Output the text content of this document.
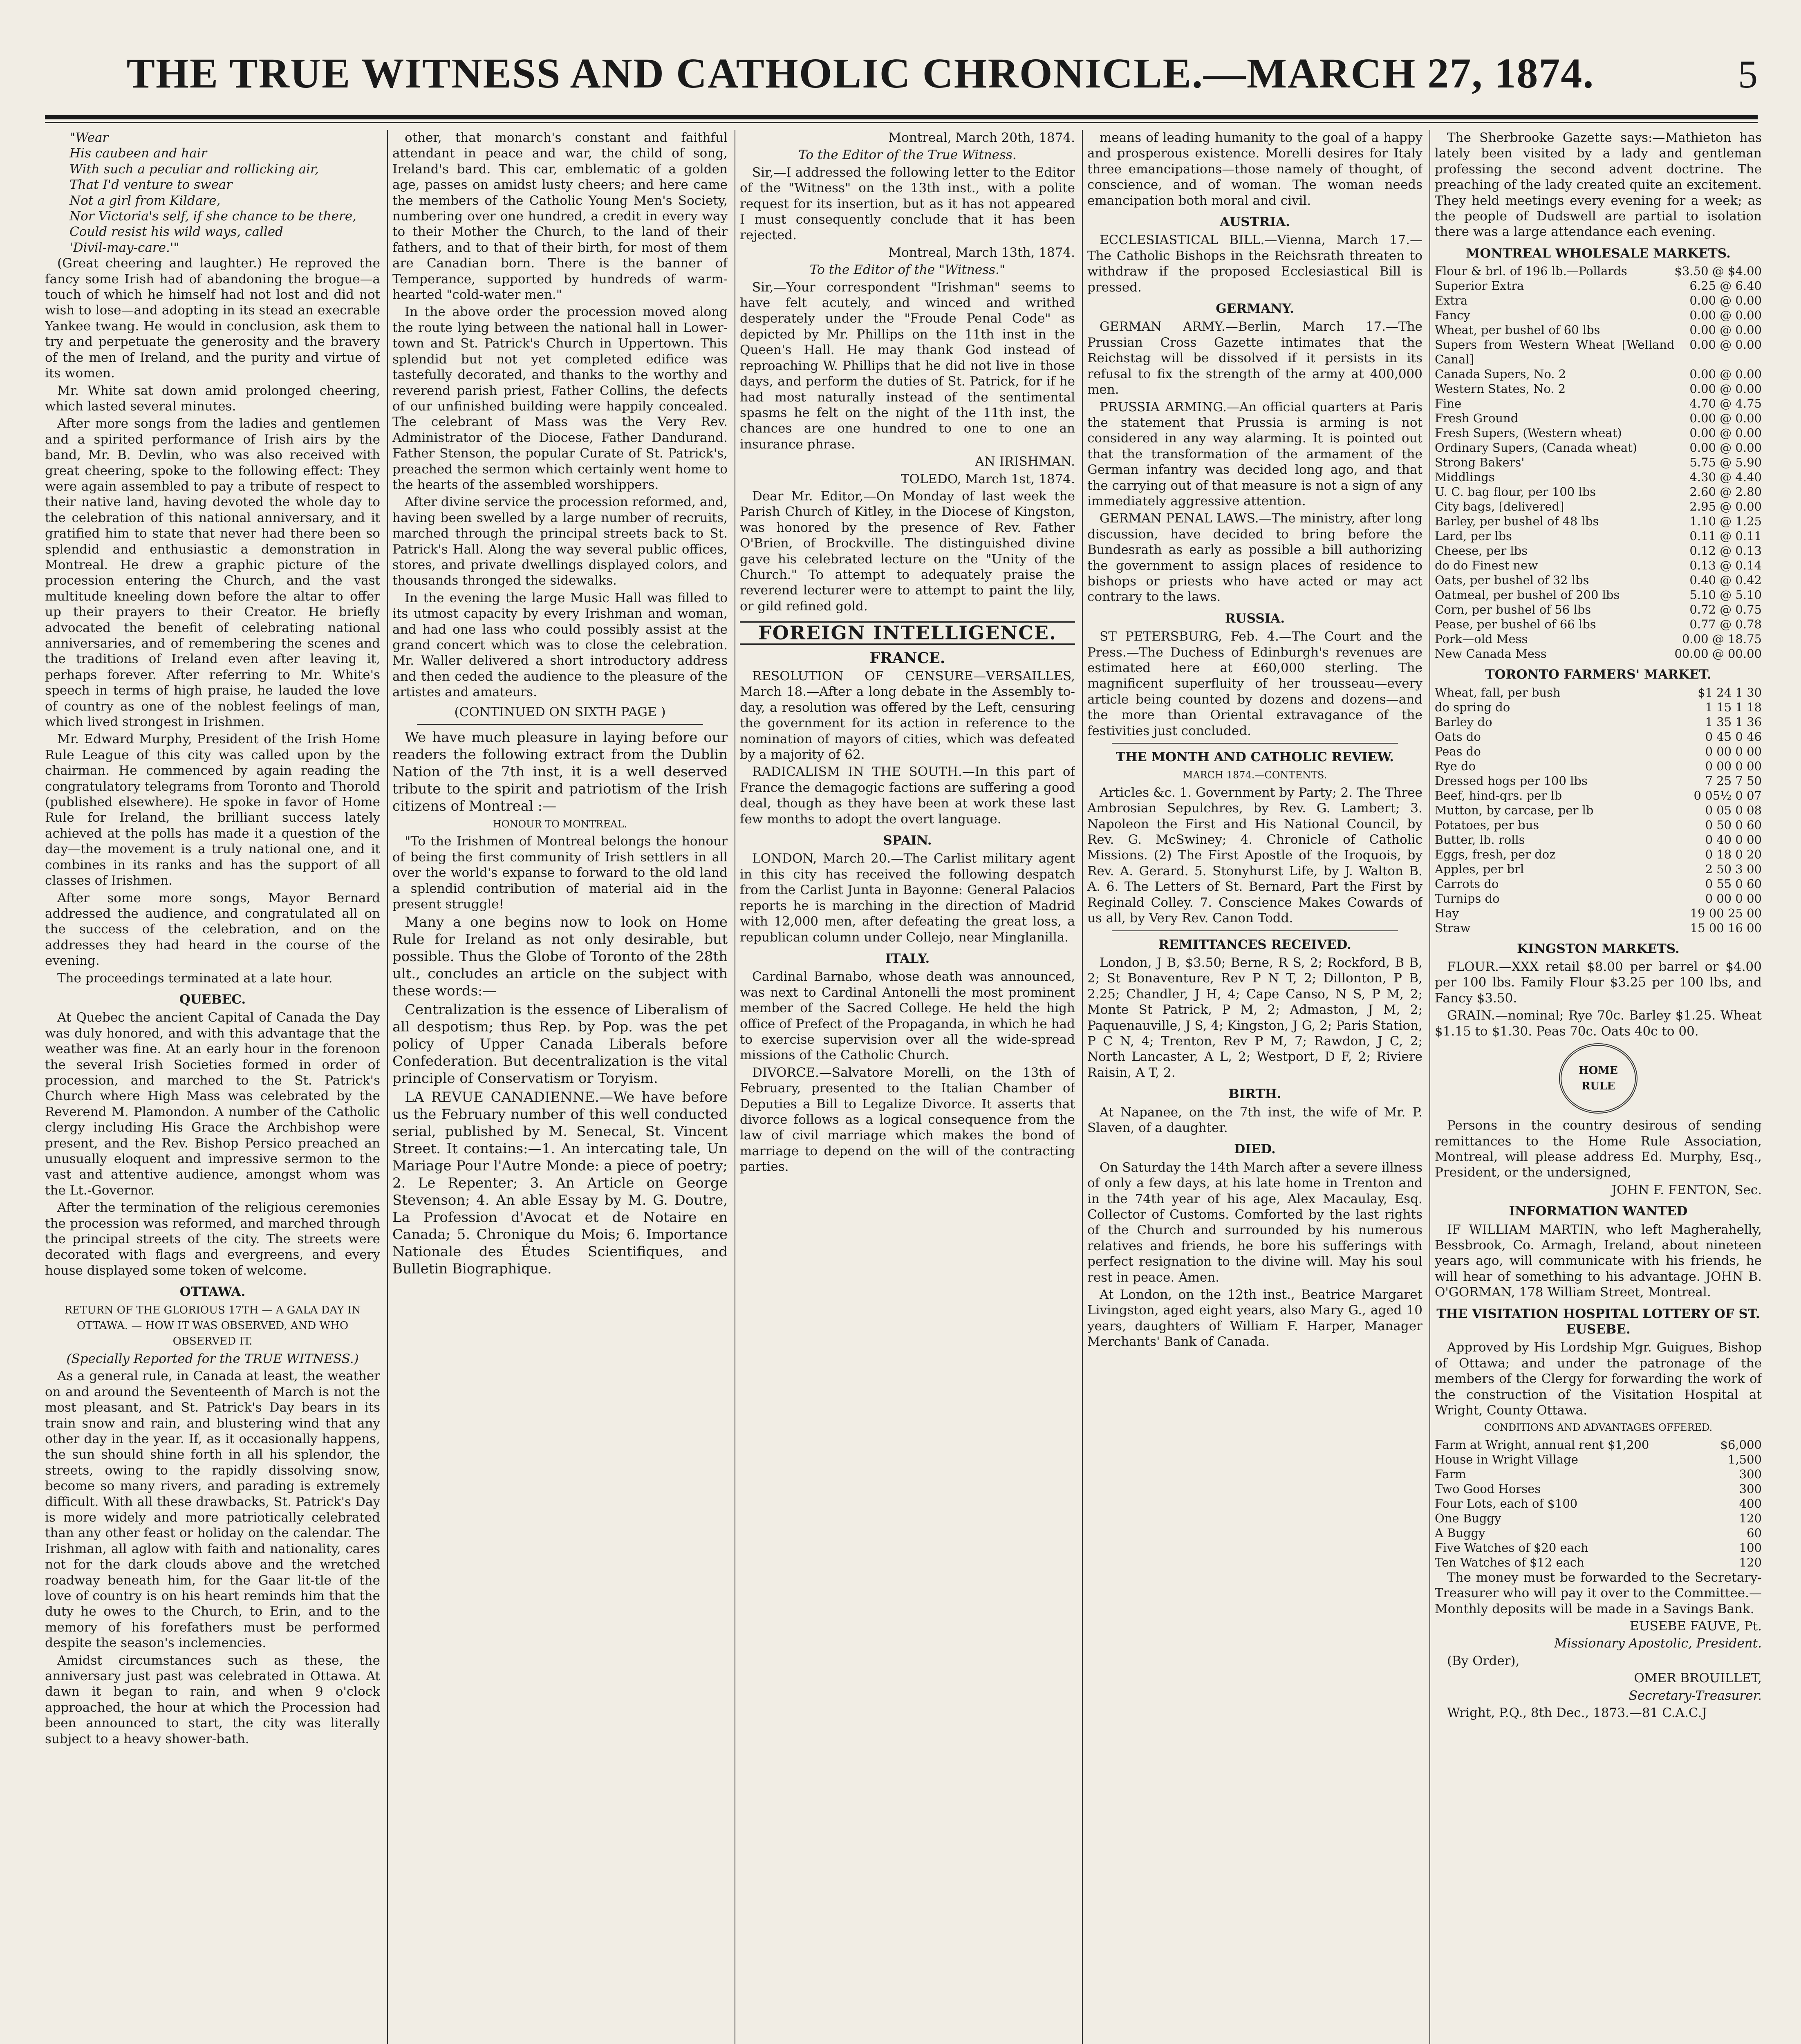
THE TRUE WITNESS AND CATHOLIC CHRONICLE.—MARCH 27, 1874.	5

"Wear

His caubeen and hair

With such a peculiar and rollicking air,

That I'd venture to swear

Not a girl from Kildare,

Nor Victoria's self, if she chance to be there,

Could resist his wild ways, called

'Divil-may-care.'"

(Great cheering and laughter.) He reproved the fancy some Irish had of abandoning the brogue—a touch of which he himself had not lost and did not wish to lose—and adopting in its stead an execrable Yankee twang. He would in conclusion, ask them to try and perpetuate the generosity and the bravery of the men of Ireland, and the purity and virtue of its women.

Mr. White sat down amid prolonged cheering, which lasted several minutes.

After more songs from the ladies and gentlemen and a spirited performance of Irish airs by the band, Mr. B. Devlin, who was also received with great cheering, spoke to the following effect: They were again assembled to pay a tribute of respect to their native land, having devoted the whole day to the celebration of this national anniversary, and it gratified him to state that never had there been so splendid and enthusiastic a demonstration in Montreal. He drew a graphic picture of the procession entering the Church, and the vast multitude kneeling down before the altar to offer up their prayers to their Creator. He briefly advocated the benefit of celebrating national anniversaries, and of remembering the scenes and the traditions of Ireland even after leaving it, perhaps forever. After referring to Mr. White's speech in terms of high praise, he lauded the love of country as one of the noblest feelings of man, which lived strongest in Irishmen.

Mr. Edward Murphy, President of the Irish Home Rule League of this city was called upon by the chairman. He commenced by again reading the congratulatory telegrams from Toronto and Thorold (published elsewhere). He spoke in favor of Home Rule for Ireland, the brilliant success lately achieved at the polls has made it a question of the day—the movement is a truly national one, and it combines in its ranks and has the support of all classes of Irishmen.

After some more songs, Mayor Bernard addressed the audience, and congratulated all on the success of the celebration, and on the addresses they had heard in the course of the evening.

The proceedings terminated at a late hour.

QUEBEC.

At Quebec the ancient Capital of Canada the Day was duly honored, and with this advantage that the weather was fine. At an early hour in the forenoon the several Irish Societies formed in order of procession, and marched to the St. Patrick's Church where High Mass was celebrated by the Reverend M. Plamondon. A number of the Catholic clergy including His Grace the Archbishop were present, and the Rev. Bishop Persico preached an unusually eloquent and impressive sermon to the vast and attentive audience, amongst whom was the Lt.-Governor.

After the termination of the religious ceremonies the procession was reformed, and marched through the principal streets of the city. The streets were decorated with flags and evergreens, and every house displayed some token of welcome.

OTTAWA.

RETURN OF THE GLORIOUS 17TH — A GALA DAY IN OTTAWA. — HOW IT WAS OBSERVED, AND WHO OBSERVED IT.

(Specially Reported for the TRUE WITNESS.)

As a general rule, in Canada at least, the weather on and around the Seventeenth of March is not the most pleasant, and St. Patrick's Day bears in its train snow and rain, and blustering wind that any other day in the year. If, as it occasionally happens, the sun should shine forth in all his splendor, the streets, owing to the rapidly dissolving snow, become so many rivers, and parading is extremely difficult. With all these drawbacks, St. Patrick's Day is more widely and more patriotically celebrated than any other feast or holiday on the calendar. The Irishman, all aglow with faith and nationality, cares not for the dark clouds above and the wretched roadway beneath him, for the Gaar lit-tle of the love of country is on his heart reminds him that the duty he owes to the Church, to Erin, and to the memory of his forefathers must be performed despite the season's inclemencies.

Amidst circumstances such as these, the anniversary just past was celebrated in Ottawa. At dawn it began to rain, and when 9 o'clock approached, the hour at which the Procession had been announced to start, the city was literally subject to a heavy shower-bath.

other, that monarch's constant and faithful attendant in peace and war, the child of song, Ireland's bard. This car, emblematic of a golden age, passes on amidst lusty cheers; and here came the members of the Catholic Young Men's Society, numbering over one hundred, a credit in every way to their Mother the Church, to the land of their fathers, and to that of their birth, for most of them are Canadian born. There is the banner of Temperance, supported by hundreds of warm-hearted "cold-water men."

In the above order the procession moved along the route lying between the national hall in Lower-town and St. Patrick's Church in Uppertown. This splendid but not yet completed edifice was tastefully decorated, and thanks to the worthy and reverend parish priest, Father Collins, the defects of our unfinished building were happily concealed. The celebrant of Mass was the Very Rev. Administrator of the Diocese, Father Dandurand. Father Stenson, the popular Curate of St. Patrick's, preached the sermon which certainly went home to the hearts of the assembled worshippers.

After divine service the procession reformed, and, having been swelled by a large number of recruits, marched through the principal streets back to St. Patrick's Hall. Along the way several public offices, stores, and private dwellings displayed colors, and thousands thronged the sidewalks.

In the evening the large Music Hall was filled to its utmost capacity by every Irishman and woman, and had one lass who could possibly assist at the grand concert which was to close the celebration. Mr. Waller delivered a short introductory address and then ceded the audience to the pleasure of the artistes and amateurs.

(CONTINUED ON SIXTH PAGE )

We have much pleasure in laying before our readers the following extract from the Dublin Nation of the 7th inst, it is a well deserved tribute to the spirit and patriotism of the Irish citizens of Montreal :—

HONOUR TO MONTREAL.

"To the Irishmen of Montreal belongs the honour of being the first community of Irish settlers in all over the world's expanse to forward to the old land a splendid contribution of material aid in the present struggle!

Many a one begins now to look on Home Rule for Ireland as not only desirable, but possible. Thus the Globe of Toronto of the 28th ult., concludes an article on the subject with these words:—

Centralization is the essence of Liberalism of all despotism; thus Rep. by Pop. was the pet policy of Upper Canada Liberals before Confederation. But decentralization is the vital principle of Conservatism or Toryism.

LA REVUE CANADIENNE.—We have before us the February number of this well conducted serial, published by M. Senecal, St. Vincent Street. It contains:—1. An intercating tale, Un Mariage Pour l'Autre Monde: a piece of poetry; 2. Le Repenter; 3. An Article on George Stevenson; 4. An able Essay by M. G. Doutre, La Profession d'Avocat et de Notaire en Canada; 5. Chronique du Mois; 6. Importance Nationale des Études Scientifiques, and Bulletin Biographique.

Montreal, March 20th, 1874.

To the Editor of the True Witness.

Sir,—I addressed the following letter to the Editor of the "Witness" on the 13th inst., with a polite request for its insertion, but as it has not appeared I must consequently conclude that it has been rejected.

Montreal, March 13th, 1874.

To the Editor of the "Witness."

Sir,—Your correspondent "Irishman" seems to have felt acutely, and winced and writhed desperately under the "Froude Penal Code" as depicted by Mr. Phillips on the 11th inst in the Queen's Hall. He may thank God instead of reproaching W. Phillips that he did not live in those days, and perform the duties of St. Patrick, for if he had most naturally instead of the sentimental spasms he felt on the night of the 11th inst, the chances are one hundred to one to one an insurance phrase.

AN IRISHMAN.

TOLEDO, March 1st, 1874.

Dear Mr. Editor,—On Monday of last week the Parish Church of Kitley, in the Diocese of Kingston, was honored by the presence of Rev. Father O'Brien, of Brockville. The distinguished divine gave his celebrated lecture on the "Unity of the Church." To attempt to adequately praise the reverend lecturer were to attempt to paint the lily, or gild refined gold.

FOREIGN INTELLIGENCE.
FRANCE.

RESOLUTION OF CENSURE—VERSAILLES, March 18.—After a long debate in the Assembly to-day, a resolution was offered by the Left, censuring the government for its action in reference to the nomination of mayors of cities, which was defeated by a majority of 62.

RADICALISM IN THE SOUTH.—In this part of France the demagogic factions are suffering a good deal, though as they have been at work these last few months to adopt the overt language.

SPAIN.

LONDON, March 20.—The Carlist military agent in this city has received the following despatch from the Carlist Junta in Bayonne: General Palacios reports he is marching in the direction of Madrid with 12,000 men, after defeating the great loss, a republican column under Collejo, near Minglanilla.

ITALY.

Cardinal Barnabo, whose death was announced, was next to Cardinal Antonelli the most prominent member of the Sacred College. He held the high office of Prefect of the Propaganda, in which he had to exercise supervision over all the wide-spread missions of the Catholic Church.

DIVORCE.—Salvatore Morelli, on the 13th of February, presented to the Italian Chamber of Deputies a Bill to Legalize Divorce. It asserts that divorce follows as a logical consequence from the law of civil marriage which makes the bond of marriage to depend on the will of the contracting parties.

means of leading humanity to the goal of a happy and prosperous existence. Morelli desires for Italy three emancipations—those namely of thought, of conscience, and of woman. The woman needs emancipation both moral and civil.

AUSTRIA.

ECCLESIASTICAL BILL.—Vienna, March 17.—The Catholic Bishops in the Reichsrath threaten to withdraw if the proposed Ecclesiastical Bill is pressed.

GERMANY.

GERMAN ARMY.—Berlin, March 17.—The Prussian Cross Gazette intimates that the Reichstag will be dissolved if it persists in its refusal to fix the strength of the army at 400,000 men.

PRUSSIA ARMING.—An official quarters at Paris the statement that Prussia is arming is not considered in any way alarming. It is pointed out that the transformation of the armament of the German infantry was decided long ago, and that the carrying out of that measure is not a sign of any immediately aggressive attention.

GERMAN PENAL LAWS.—The ministry, after long discussion, have decided to bring before the Bundesrath as early as possible a bill authorizing the government to assign places of residence to bishops or priests who have acted or may act contrary to the laws.

RUSSIA.

ST PETERSBURG, Feb. 4.—The Court and the Press.—The Duchess of Edinburgh's revenues are estimated here at £60,000 sterling. The magnificent superfluity of her trousseau—every article being counted by dozens and dozens—and the more than Oriental extravagance of the festivities just concluded.

THE MONTH AND CATHOLIC REVIEW.

MARCH 1874.—CONTENTS.

Articles &c. 1. Government by Party; 2. The Three Ambrosian Sepulchres, by Rev. G. Lambert; 3. Napoleon the First and His National Council, by Rev. G. McSwiney; 4. Chronicle of Catholic Missions. (2) The First Apostle of the Iroquois, by Rev. A. Gerard. 5. Stonyhurst Life, by J. Walton B. A. 6. The Letters of St. Bernard, Part the First by Reginald Colley. 7. Conscience Makes Cowards of us all, by Very Rev. Canon Todd.

REMITTANCES RECEIVED.

London, J B, $3.50; Berne, R S, 2; Rockford, B B, 2; St Bonaventure, Rev P N T, 2; Dillonton, P B, 2.25; Chandler, J H, 4; Cape Canso, N S, P M, 2; Monte St Patrick, P M, 2; Admaston, J M, 2; Paquenauville, J S, 4; Kingston, J G, 2; Paris Station, P C N, 4; Trenton, Rev P M, 7; Rawdon, J C, 2; North Lancaster, A L, 2; Westport, D F, 2; Riviere Raisin, A T, 2.

BIRTH.

At Napanee, on the 7th inst, the wife of Mr. P. Slaven, of a daughter.

DIED.

On Saturday the 14th March after a severe illness of only a few days, at his late home in Trenton and in the 74th year of his age, Alex Macaulay, Esq. Collector of Customs. Comforted by the last rights of the Church and surrounded by his numerous relatives and friends, he bore his sufferings with perfect resignation to the divine will. May his soul rest in peace. Amen.

At London, on the 12th inst., Beatrice Margaret Livingston, aged eight years, also Mary G., aged 10 years, daughters of William F. Harper, Manager Merchants' Bank of Canada.

The Sherbrooke Gazette says:—Mathieton has lately been visited by a lady and gentleman professing the second advent doctrine. The preaching of the lady created quite an excitement. They held meetings every evening for a week; as the people of Dudswell are partial to isolation there was a large attendance each evening.

MONTREAL WHOLESALE MARKETS.
Flour & brl. of 196 lb.—Pollards	$3.50 @ $4.00
Superior Extra	6.25 @ 6.40
Extra	0.00 @ 0.00
Fancy	0.00 @ 0.00
Wheat, per bushel of 60 lbs	0.00 @ 0.00
Supers from Western Wheat [Welland Canal]	0.00 @ 0.00
Canada Supers, No. 2	0.00 @ 0.00
Western States, No. 2	0.00 @ 0.00
Fine	4.70 @ 4.75
Fresh Ground	0.00 @ 0.00
Fresh Supers, (Western wheat)	0.00 @ 0.00
Ordinary Supers, (Canada wheat)	0.00 @ 0.00
Strong Bakers'	5.75 @ 5.90
Middlings	4.30 @ 4.40
U. C. bag flour, per 100 lbs	2.60 @ 2.80
City bags, [delivered]	2.95 @ 0.00
Barley, per bushel of 48 lbs	1.10 @ 1.25
Lard, per lbs	0.11 @ 0.11
Cheese, per lbs	0.12 @ 0.13
do do Finest new	0.13 @ 0.14
Oats, per bushel of 32 lbs	0.40 @ 0.42
Oatmeal, per bushel of 200 lbs	5.10 @ 5.10
Corn, per bushel of 56 lbs	0.72 @ 0.75
Pease, per bushel of 66 lbs	0.77 @ 0.78
Pork—old Mess	0.00 @ 18.75
New Canada Mess	00.00 @ 00.00
TORONTO FARMERS' MARKET.
Wheat, fall, per bush	$1 24 1 30
do spring do	1 15 1 18
Barley do	1 35 1 36
Oats do	0 45 0 46
Peas do	0 00 0 00
Rye do	0 00 0 00
Dressed hogs per 100 lbs	7 25 7 50
Beef, hind-qrs. per lb	0 05½ 0 07
Mutton, by carcase, per lb	0 05 0 08
Potatoes, per bus	0 50 0 60
Butter, lb. rolls	0 40 0 00
Eggs, fresh, per doz	0 18 0 20
Apples, per brl	2 50 3 00
Carrots do	0 55 0 60
Turnips do	0 00 0 00
Hay	19 00 25 00
Straw	15 00 16 00
KINGSTON MARKETS.

FLOUR.—XXX retail $8.00 per barrel or $4.00 per 100 lbs. Family Flour $3.25 per 100 lbs, and Fancy $3.50.

GRAIN.—nominal; Rye 70c. Barley $1.25. Wheat $1.15 to $1.30. Peas 70c. Oats 40c to 00.

HOME RULE

Persons in the country desirous of sending remittances to the Home Rule Association, Montreal, will please address Ed. Murphy, Esq., President, or the undersigned,

JOHN F. FENTON, Sec.

INFORMATION WANTED

IF WILLIAM MARTIN, who left Magherahelly, Bessbrook, Co. Armagh, Ireland, about nineteen years ago, will communicate with his friends, he will hear of something to his advantage. JOHN B. O'GORMAN, 178 William Street, Montreal.

THE VISITATION HOSPITAL LOTTERY OF ST. EUSEBE.

Approved by His Lordship Mgr. Guigues, Bishop of Ottawa; and under the patronage of the members of the Clergy for forwarding the work of the construction of the Visitation Hospital at Wright, County Ottawa.

CONDITIONS AND ADVANTAGES OFFERED.

Farm at Wright, annual rent $1,200	$6,000
House in Wright Village	1,500
Farm	300
Two Good Horses	300
Four Lots, each of $100	400
One Buggy	120
A Buggy	60
Five Watches of $20 each	100
Ten Watches of $12 each	120

The money must be forwarded to the Secretary-Treasurer who will pay it over to the Committee.— Monthly deposits will be made in a Savings Bank.

EUSEBE FAUVE, Pt.

Missionary Apostolic, President.

(By Order),

OMER BROUILLET,

Secretary-Treasurer.

Wright, P.Q., 8th Dec., 1873.—81 C.A.C.J
